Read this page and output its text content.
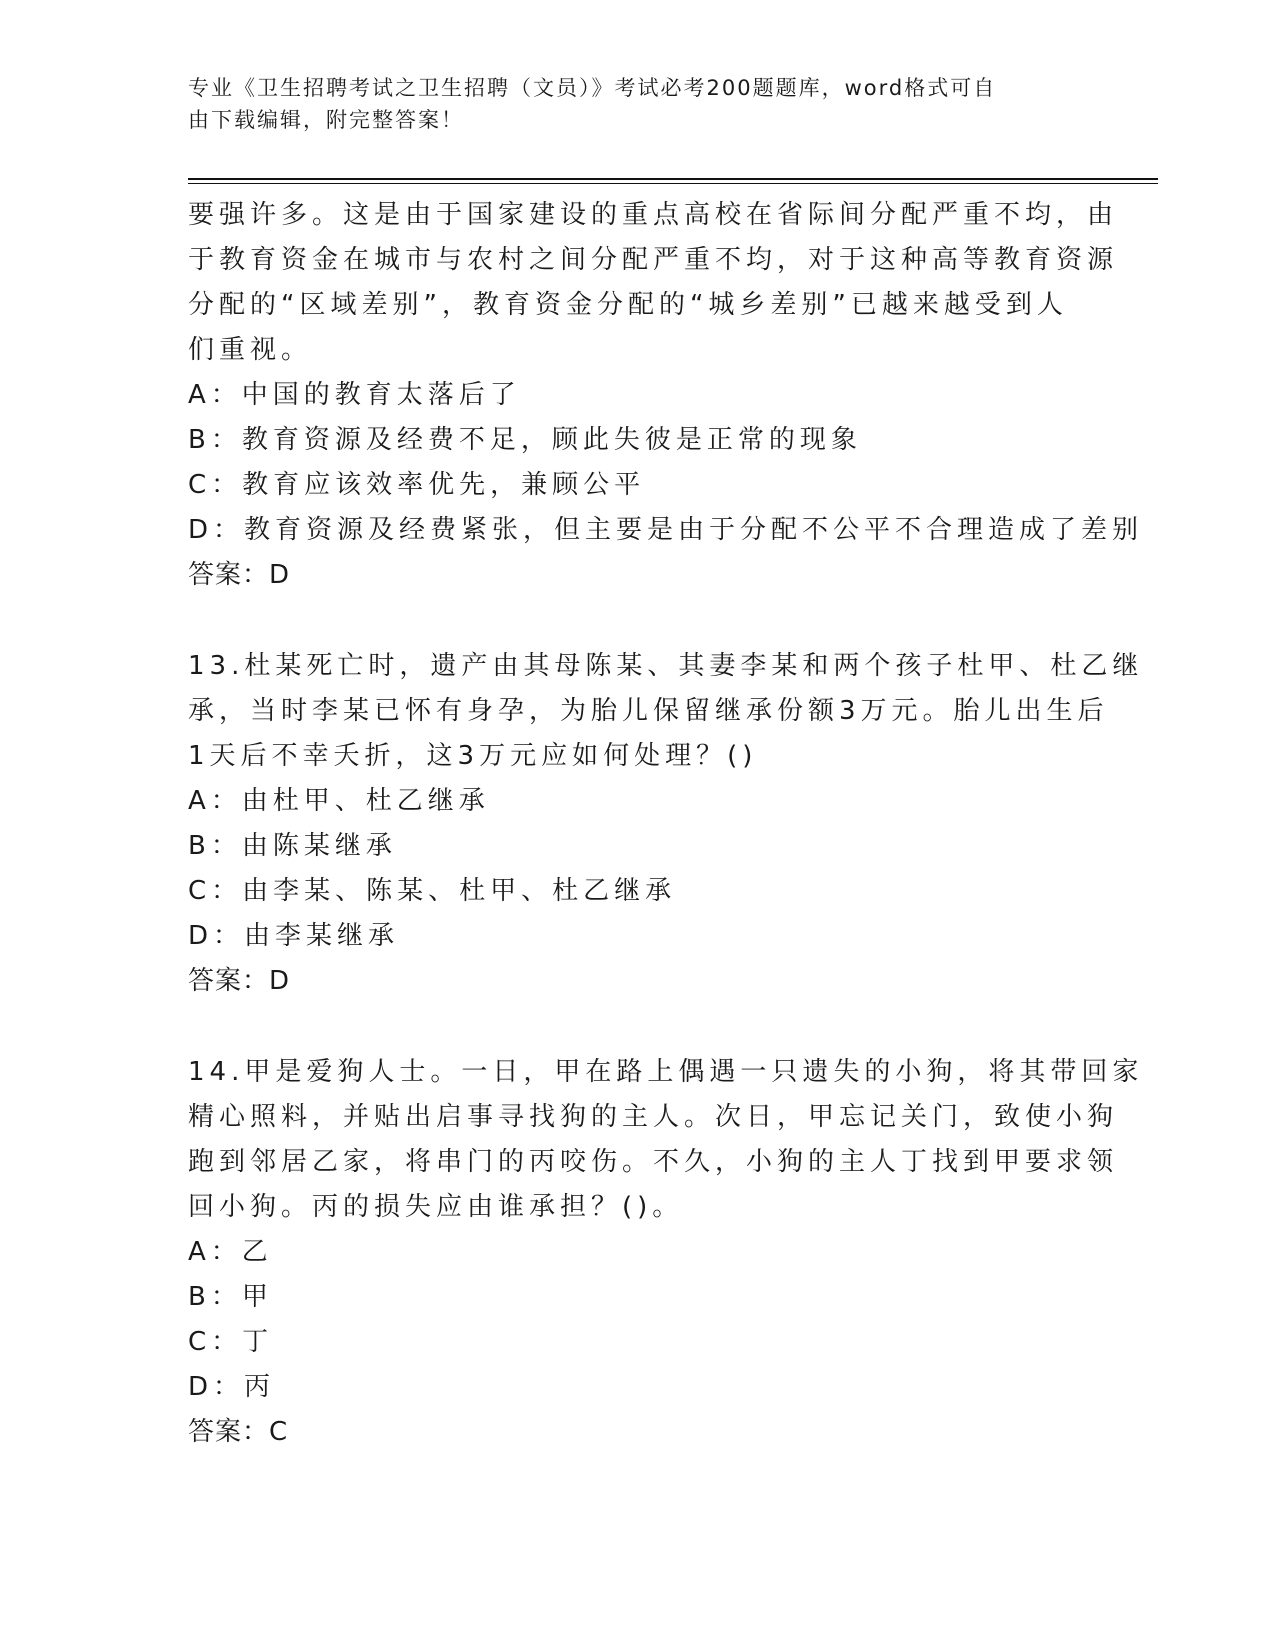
专业《卫生招聘考试之卫生招聘（文员）》考试必考200题题库，word格式可自
由下载编辑，附完整答案！
要强许多。这是由于国家建设的重点高校在省际间分配严重不均，由
于教育资金在城市与农村之间分配严重不均，对于这种高等教育资源
分配的“区域差别”，教育资金分配的“城乡差别”已越来越受到人
们重视。
A：中国的教育太落后了
B：教育资源及经费不足，顾此失彼是正常的现象
C：教育应该效率优先，兼顾公平
D：教育资源及经费紧张，但主要是由于分配不公平不合理造成了差别
答案：D
13.杜某死亡时，遗产由其母陈某、其妻李某和两个孩子杜甲、杜乙继
承，当时李某已怀有身孕，为胎儿保留继承份额3万元。胎儿出生后
1天后不幸夭折，这3万元应如何处理？()
A：由杜甲、杜乙继承
B：由陈某继承
C：由李某、陈某、杜甲、杜乙继承
D：由李某继承
答案：D
14.甲是爱狗人士。一日，甲在路上偶遇一只遗失的小狗，将其带回家
精心照料，并贴出启事寻找狗的主人。次日，甲忘记关门，致使小狗
跑到邻居乙家，将串门的丙咬伤。不久，小狗的主人丁找到甲要求领
回小狗。丙的损失应由谁承担？()。
A：乙
B：甲
C：丁
D：丙
答案：C
